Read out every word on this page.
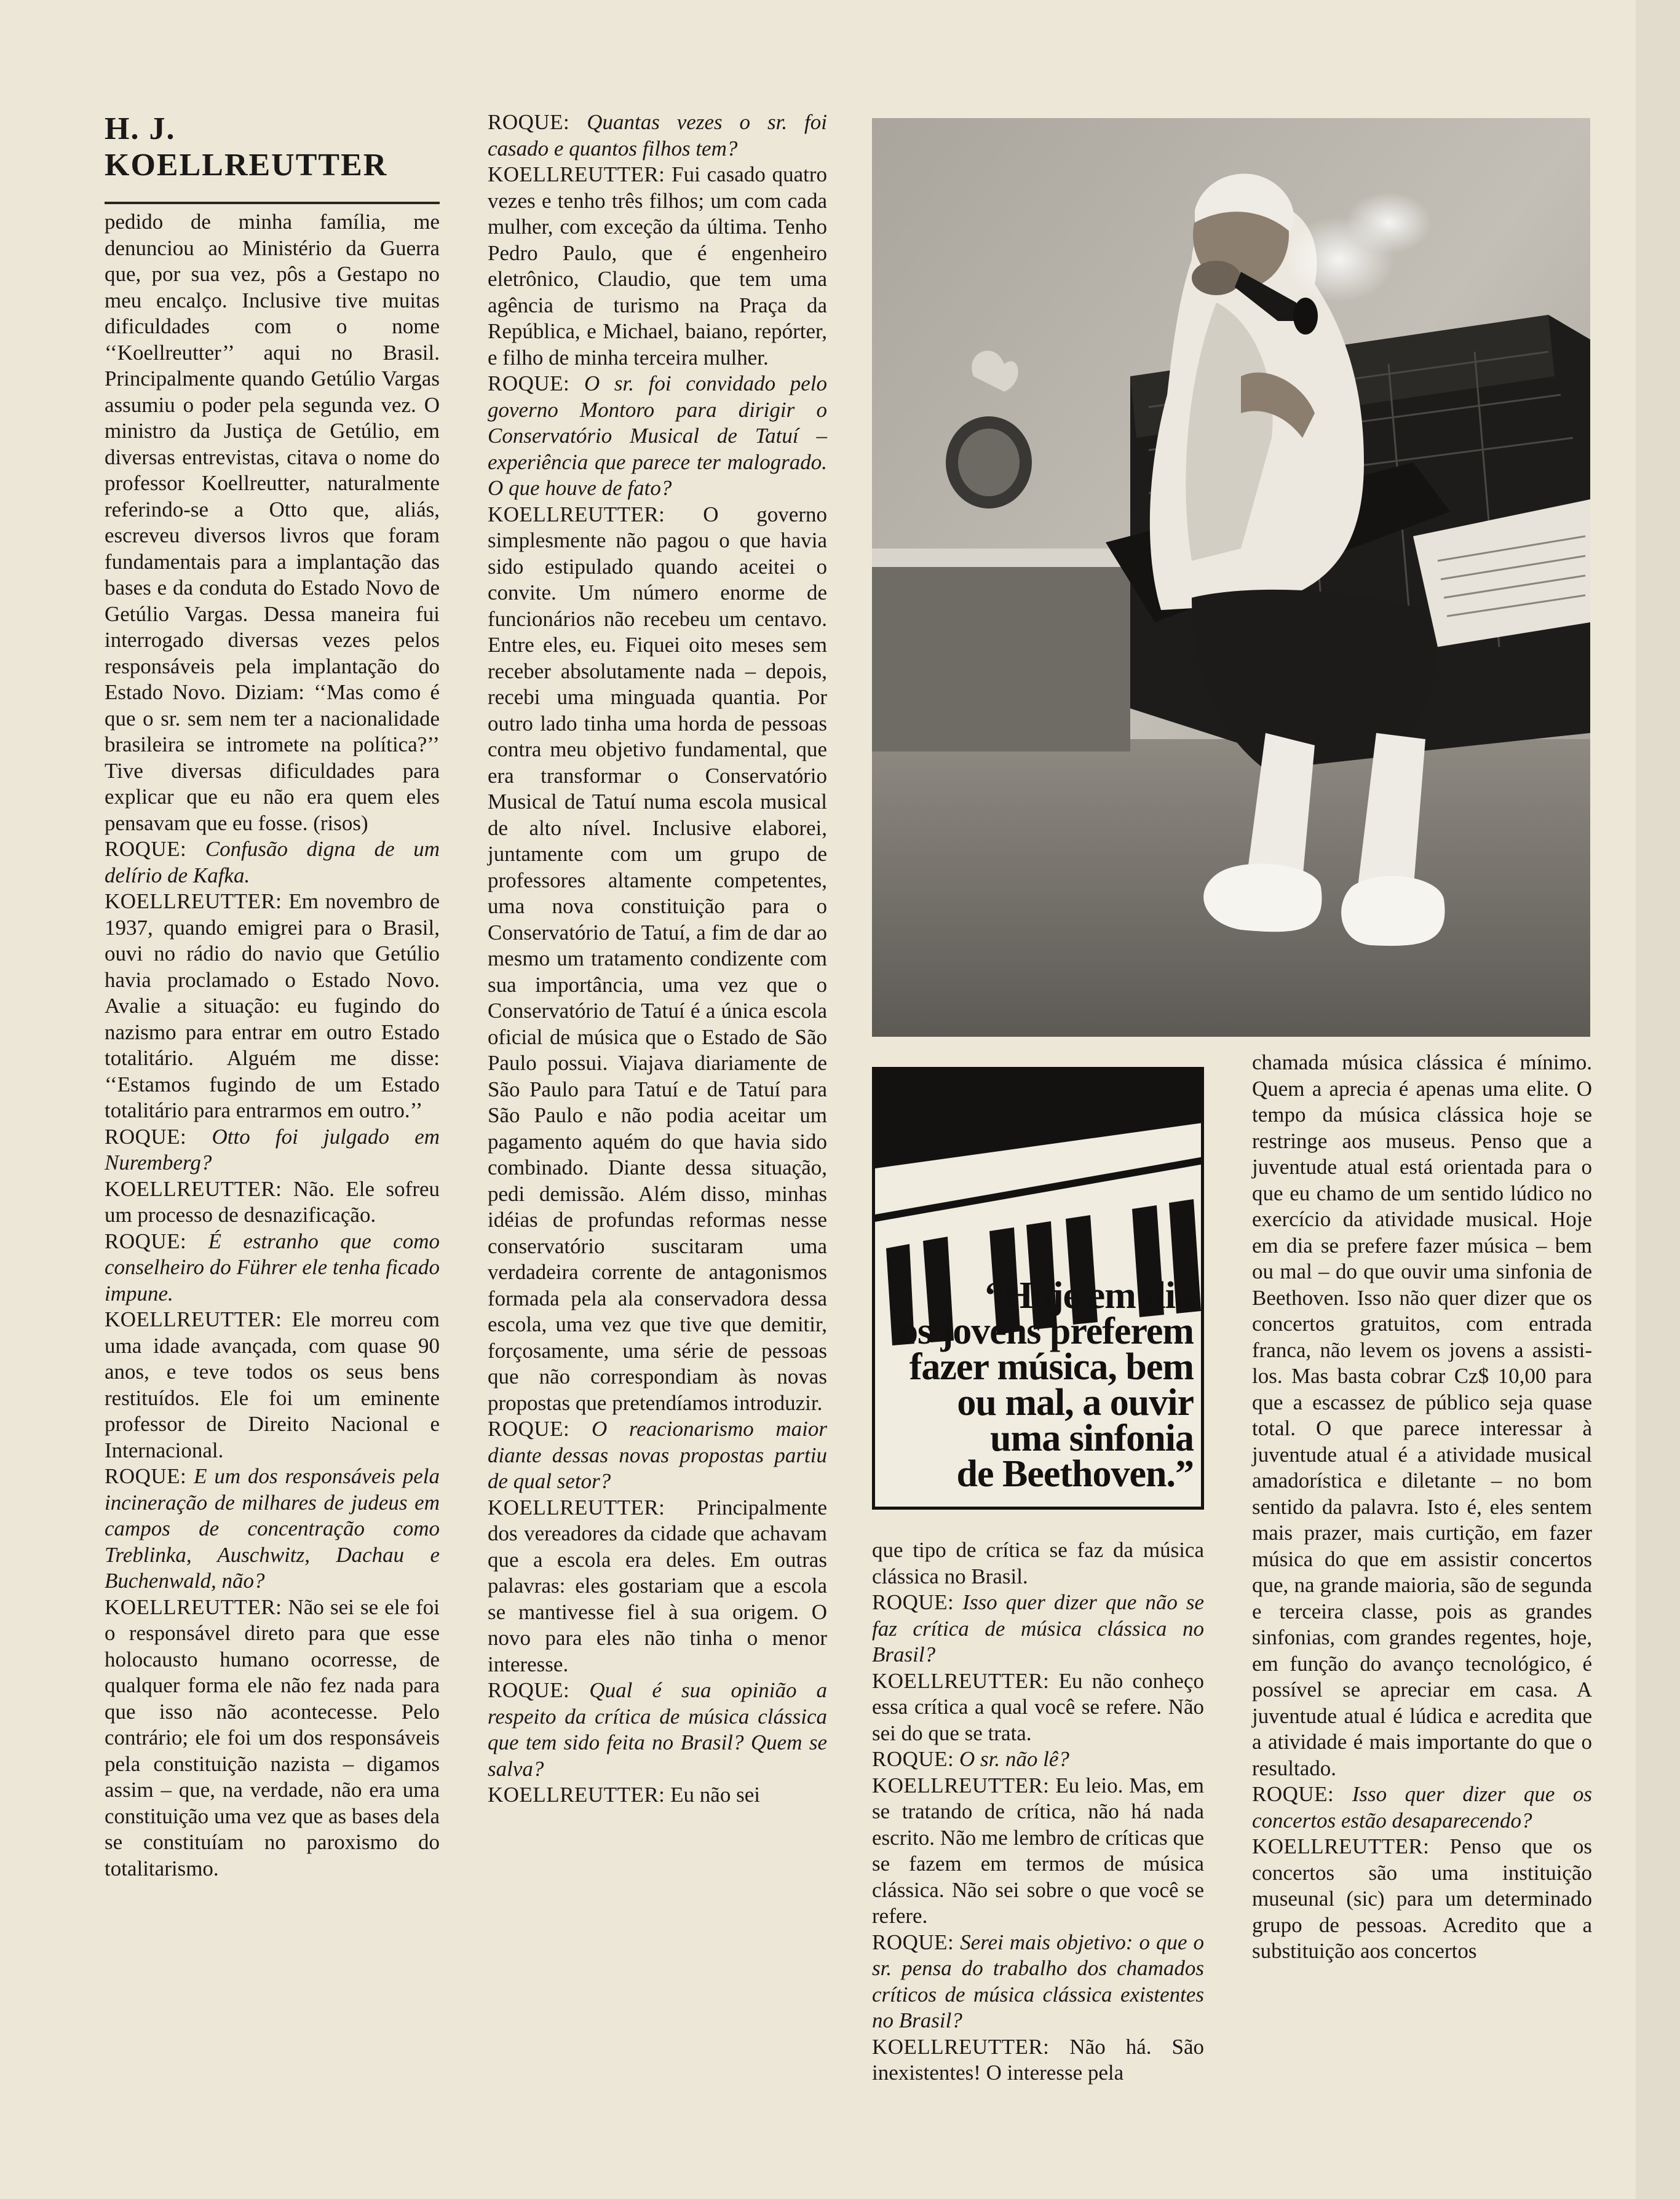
H. J. KOELLREUTTER

pedido de minha família, me denunciou ao Ministério da Guerra que, por sua vez, pôs a Gestapo no meu encalço. Inclusive tive muitas dificuldades com o nome ‘‘Koellreutter’’ aqui no Brasil. Principalmente quando Getúlio Vargas assumiu o poder pela segunda vez. O ministro da Justiça de Getúlio, em diversas entrevistas, citava o nome do professor Koellreutter, naturalmente referindo-se a Otto que, aliás, escreveu diversos livros que foram fundamentais para a implantação das bases e da conduta do Estado Novo de Getúlio Vargas. Dessa maneira fui interrogado diversas vezes pelos responsáveis pela implantação do Estado Novo. Diziam: ‘‘Mas como é que o sr. sem nem ter a nacionalidade brasileira se intromete na política?’’ Tive diversas dificuldades para explicar que eu não era quem eles pensavam que eu fosse. (risos)

ROQUE: Confusão digna de um delírio de Kafka.

KOELLREUTTER: Em novembro de 1937, quando emigrei para o Brasil, ouvi no rádio do navio que Getúlio havia proclamado o Estado Novo. Avalie a situação: eu fugindo do nazismo para entrar em outro Estado totalitário. Alguém me disse: ‘‘Estamos fugindo de um Estado totalitário para entrarmos em outro.’’

ROQUE: Otto foi julgado em Nuremberg?

KOELLREUTTER: Não. Ele sofreu um processo de desnazificação.

ROQUE: É estranho que como conselheiro do Führer ele tenha ficado impune.

KOELLREUTTER: Ele morreu com uma idade avançada, com quase 90 anos, e teve todos os seus bens restituídos. Ele foi um eminente professor de Direito Nacional e Internacional.

ROQUE: E um dos responsáveis pela incineração de milhares de judeus em campos de concentração como Treblinka, Auschwitz, Dachau e Buchenwald, não?

KOELLREUTTER: Não sei se ele foi o responsável direto para que esse holocausto humano ocorresse, de qualquer forma ele não fez nada para que isso não acontecesse. Pelo contrário; ele foi um dos responsáveis pela constituição nazista – digamos assim – que, na verdade, não era uma constituição uma vez que as bases dela se constituíam no paroxismo do totalitarismo.

ROQUE: Quantas vezes o sr. foi casado e quantos filhos tem?

KOELLREUTTER: Fui casado quatro vezes e tenho três filhos; um com cada mulher, com exceção da última. Tenho Pedro Paulo, que é engenheiro eletrônico, Claudio, que tem uma agência de turismo na Praça da República, e Michael, baiano, repórter, e filho de minha terceira mulher.

ROQUE: O sr. foi convidado pelo governo Montoro para dirigir o Conservatório Musical de Tatuí – experiência que parece ter malogrado. O que houve de fato?

KOELLREUTTER: O governo simplesmente não pagou o que havia sido estipulado quando aceitei o convite. Um número enorme de funcionários não recebeu um centavo. Entre eles, eu. Fiquei oito meses sem receber absolutamente nada – depois, recebi uma minguada quantia. Por outro lado tinha uma horda de pessoas contra meu objetivo fundamental, que era transformar o Conservatório Musical de Tatuí numa escola musical de alto nível. Inclusive elaborei, juntamente com um grupo de professores altamente competentes, uma nova constituição para o Conservatório de Tatuí, a fim de dar ao mesmo um tratamento condizente com sua importância, uma vez que o Conservatório de Tatuí é a única escola oficial de música que o Estado de São Paulo possui. Viajava diariamente de São Paulo para Tatuí e de Tatuí para São Paulo e não podia aceitar um pagamento aquém do que havia sido combinado. Diante dessa situação, pedi demissão. Além disso, minhas idéias de profundas reformas nesse conservatório suscitaram uma verdadeira corrente de antagonismos formada pela ala conservadora dessa escola, uma vez que tive que demitir, forçosamente, uma série de pessoas que não correspondiam às novas propostas que pretendíamos introduzir.

ROQUE: O reacionarismo maior diante dessas novas propostas partiu de qual setor?

KOELLREUTTER: Principalmente dos vereadores da cidade que achavam que a escola era deles. Em outras palavras: eles gostariam que a escola se mantivesse fiel à sua origem. O novo para eles não tinha o menor interesse.

ROQUE: Qual é sua opinião a respeito da crítica de música clássica que tem sido feita no Brasil? Quem se salva?

KOELLREUTTER: Eu não sei

“Hoje em dia
os jovens preferem
fazer música, bem
ou mal, a ouvir
uma sinfonia
de Beethoven.”

que tipo de crítica se faz da música clássica no Brasil.

ROQUE: Isso quer dizer que não se faz crítica de música clássica no Brasil?

KOELLREUTTER: Eu não conheço essa crítica a qual você se refere. Não sei do que se trata.

ROQUE: O sr. não lê?

KOELLREUTTER: Eu leio. Mas, em se tratando de crítica, não há nada escrito. Não me lembro de críticas que se fazem em termos de música clássica. Não sei sobre o que você se refere.

ROQUE: Serei mais objetivo: o que o sr. pensa do trabalho dos chamados críticos de música clássica existentes no Brasil?

KOELLREUTTER: Não há. São inexistentes! O interesse pela

chamada música clássica é mínimo. Quem a aprecia é apenas uma elite. O tempo da música clássica hoje se restringe aos museus. Penso que a juventude atual está orientada para o que eu chamo de um sentido lúdico no exercício da atividade musical. Hoje em dia se prefere fazer música – bem ou mal – do que ouvir uma sinfonia de Beethoven. Isso não quer dizer que os concertos gratuitos, com entrada franca, não levem os jovens a assisti-los. Mas basta cobrar Cz$ 10,00 para que a escassez de público seja quase total. O que parece interessar à juventude atual é a atividade musical amadorística e diletante – no bom sentido da palavra. Isto é, eles sentem mais prazer, mais curtição, em fazer música do que em assistir concertos que, na grande maioria, são de segunda e terceira classe, pois as grandes sinfonias, com grandes regentes, hoje, em função do avanço tecnológico, é possível se apreciar em casa. A juventude atual é lúdica e acredita que a atividade é mais importante do que o resultado.

ROQUE: Isso quer dizer que os concertos estão desaparecendo?

KOELLREUTTER: Penso que os concertos são uma instituição museunal (sic) para um determinado grupo de pessoas. Acredito que a substituição aos concertos
